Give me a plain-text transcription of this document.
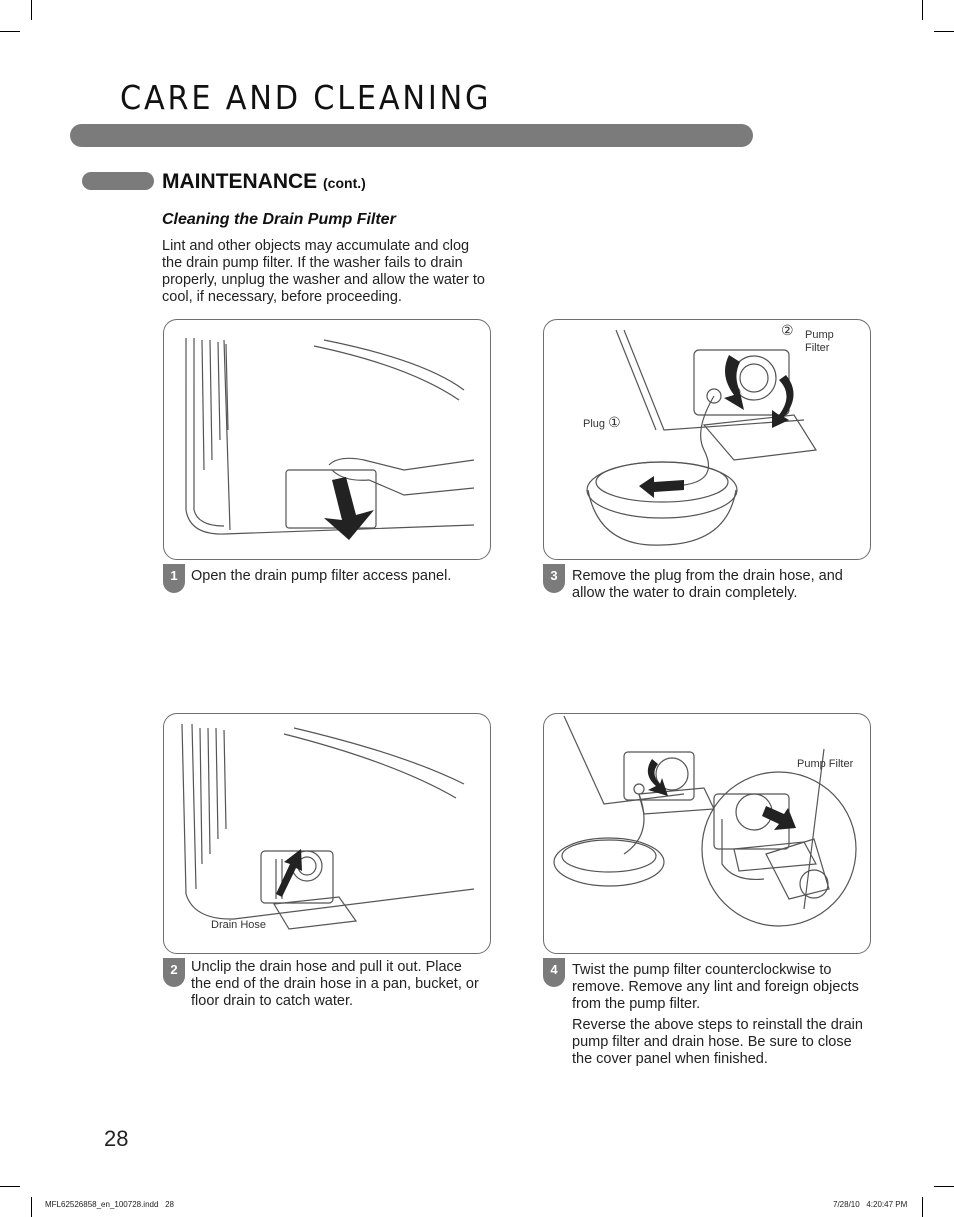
CARE AND CLEANING
MAINTENANCE (cont.)
Cleaning the Drain Pump Filter
Lint and other objects may accumulate and clog the drain pump filter. If the washer fails to drain properly, unplug the washer and allow the water to cool, if necessary, before proceeding.
1 Open the drain pump filter access panel.
② Pump
Filter
Plug ①
3 Remove the plug from the drain hose, and allow the water to drain completely.
Drain Hose
2 Unclip the drain hose and pull it out. Place the end of the drain hose in a pan, bucket, or floor drain to catch water.
Pump Filter
4 Twist the pump filter counterclockwise to remove. Remove any lint and foreign objects from the pump filter.
Reverse the above steps to reinstall the drain pump filter and drain hose. Be sure to close the cover panel when finished.
28
MFL62526858_en_100728.indd   28	7/28/10   4:20:47 PM
